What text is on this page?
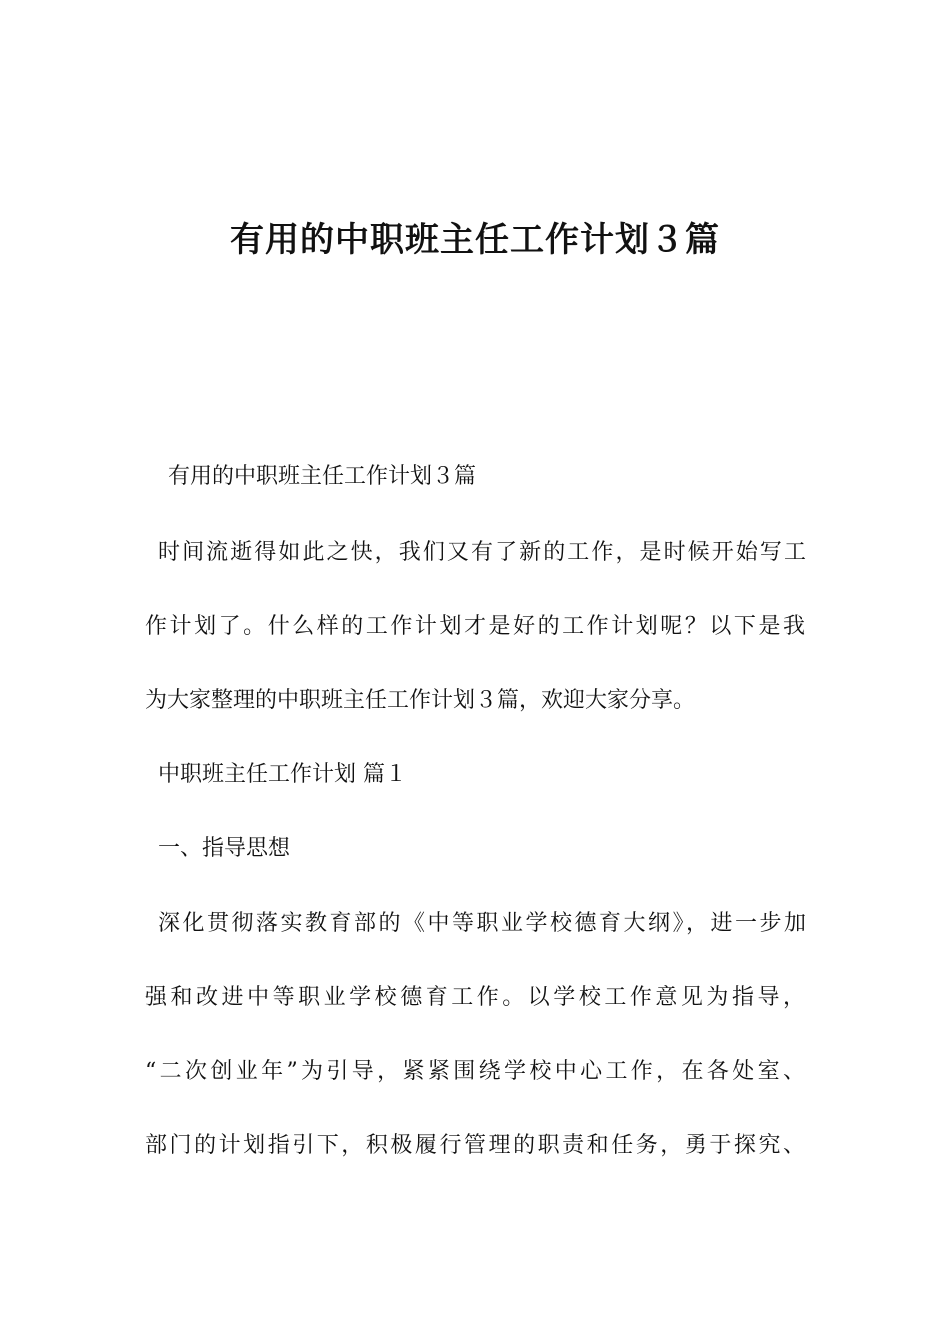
有用的中职班主任工作计划３篇

有用的中职班主任工作计划３篇

时间流逝得如此之快，我们又有了新的工作，是时候开始写工

作计划了。什么样的工作计划才是好的工作计划呢？以下是我

为大家整理的中职班主任工作计划３篇，欢迎大家分享。

中职班主任工作计划 篇１

一、指导思想

深化贯彻落实教育部的《中等职业学校德育大纲》，进一步加

强和改进中等职业学校德育工作。以学校工作意见为指导，

“二次创业年”为引导，紧紧围绕学校中心工作，在各处室、

部门的计划指引下，积极履行管理的职责和任务，勇于探究、
